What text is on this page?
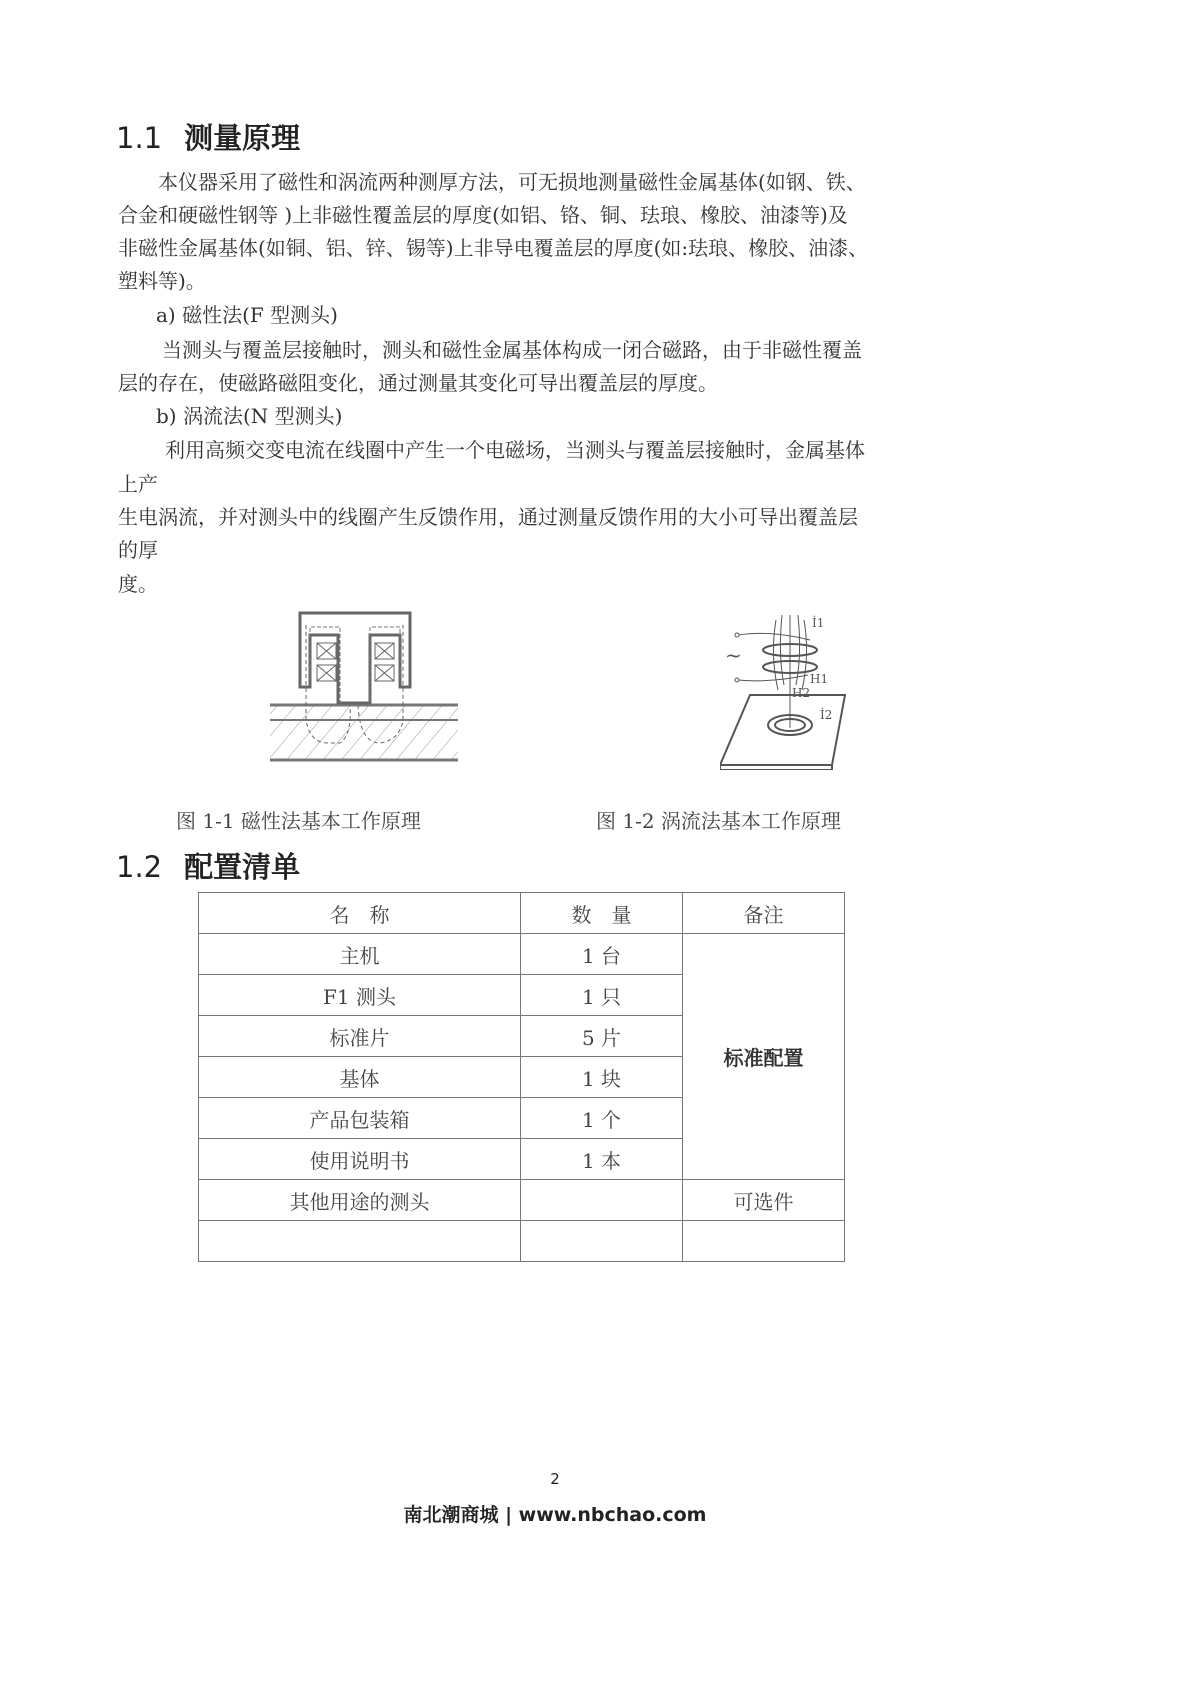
1.1 测量原理
本仪器采用了磁性和涡流两种测厚方法，可无损地测量磁性金属基体(如钢、铁、
合金和硬磁性钢等 )上非磁性覆盖层的厚度(如铝、铬、铜、珐琅、橡胶、油漆等)及
非磁性金属基体(如铜、铝、锌、锡等)上非导电覆盖层的厚度(如:珐琅、橡胶、油漆、
塑料等)。
a) 磁性法(F 型测头)
当测头与覆盖层接触时，测头和磁性金属基体构成一闭合磁路，由于非磁性覆盖
层的存在，使磁路磁阻变化，通过测量其变化可导出覆盖层的厚度。
b) 涡流法(N 型测头)
利用高频交变电流在线圈中产生一个电磁场，当测头与覆盖层接触时，金属基体
上产
生电涡流，并对测头中的线圈产生反馈作用，通过测量反馈作用的大小可导出覆盖层
的厚
度。
~
İ1
H1
H2
İ2
图 1-1 磁性法基本工作原理	图 1-2 涡流法基本工作原理
1.2 配置清单
名　称	数　量	备注
主机	1 台	标准配置
F1 测头	1 只	
标准片	5 片	
基体	1 块	
产品包装箱	1 个	
使用说明书	1 本	
其他用途的测头		可选件

2
南北潮商城 | www.nbchao.com
